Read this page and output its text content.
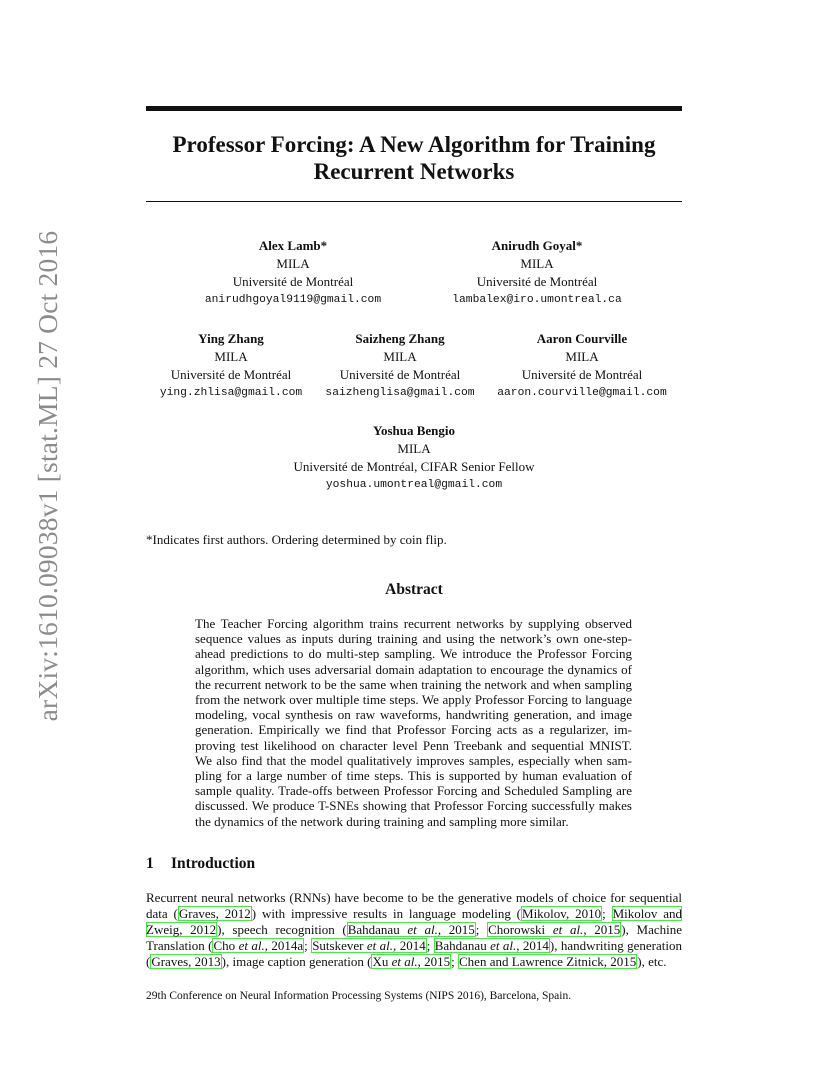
arXiv:1610.09038v1 [stat.ML] 27 Oct 2016
Professor Forcing: A New Algorithm for Training Recurrent Networks
Alex Lamb*
MILA
Université de Montréal
anirudhgoyal9119@gmail.com
Anirudh Goyal*
MILA
Université de Montréal
lambalex@iro.umontreal.ca
Ying Zhang
MILA
Université de Montréal
ying.zhlisa@gmail.com
Saizheng Zhang
MILA
Université de Montréal
saizhenglisa@gmail.com
Aaron Courville
MILA
Université de Montréal
aaron.courville@gmail.com
Yoshua Bengio
MILA
Université de Montréal, CIFAR Senior Fellow
yoshua.umontreal@gmail.com
*Indicates first authors. Ordering determined by coin flip.
Abstract
The Teacher Forcing algorithm trains recurrent networks by supplying observed
sequence values as inputs during training and using the network’s own one-step-
ahead predictions to do multi-step sampling. We introduce the Professor Forcing
algorithm, which uses adversarial domain adaptation to encourage the dynamics of
the recurrent network to be the same when training the network and when sampling
from the network over multiple time steps. We apply Professor Forcing to language
modeling, vocal synthesis on raw waveforms, handwriting generation, and image
generation. Empirically we find that Professor Forcing acts as a regularizer, im-
proving test likelihood on character level Penn Treebank and sequential MNIST.
We also find that the model qualitatively improves samples, especially when sam-
pling for a large number of time steps. This is supported by human evaluation of
sample quality. Trade-offs between Professor Forcing and Scheduled Sampling are
discussed. We produce T-SNEs showing that Professor Forcing successfully makes
the dynamics of the network during training and sampling more similar.
1 Introduction
Recurrent neural networks (RNNs) have become to be the generative models of choice for sequential data (Graves, 2012) with impressive results in language modeling (Mikolov, 2010; Mikolov and Zweig, 2012), speech recognition (Bahdanau et al., 2015; Chorowski et al., 2015), Machine Translation (Cho et al., 2014a; Sutskever et al., 2014; Bahdanau et al., 2014), handwriting generation (Graves, 2013), image caption generation (Xu et al., 2015; Chen and Lawrence Zitnick, 2015), etc.
29th Conference on Neural Information Processing Systems (NIPS 2016), Barcelona, Spain.
